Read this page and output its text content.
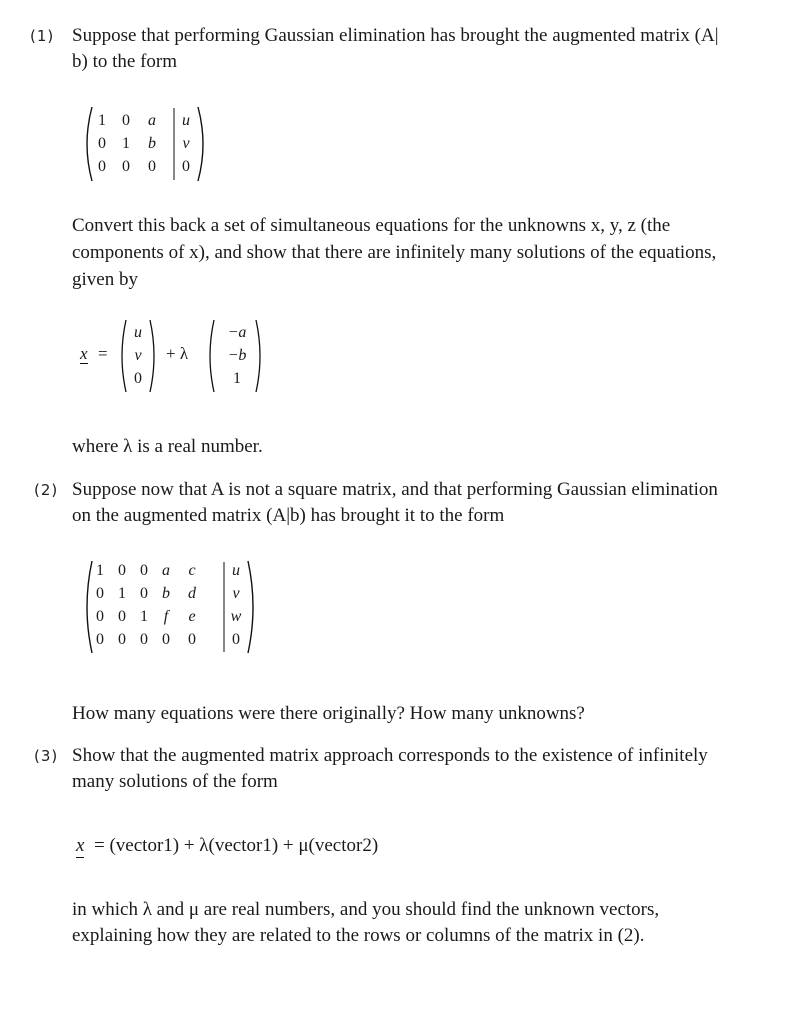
(1) Suppose that performing Gaussian elimination has brought the augmented matrix (A|
b) to the form
1	0	a	u
0	1	b	v
0	0	0	0
Convert this back a set of simultaneous equations for the unknowns x, y, z (the
components of x), and show that there are infinitely many solutions of the equations,
given by
x =
u
v
0
+ λ
−a
−b
1
where λ is a real number.
(2) Suppose now that A is not a square matrix, and that performing Gaussian elimination
on the augmented matrix (A|b) has brought it to the form
1 0 0 a	c	u
0 1 0 b	d	v
0 0 1 f	e	w
0 0 0 0	0	0
How many equations were there originally? How many unknowns?
(3) Show that the augmented matrix approach corresponds to the existence of infinitely
many solutions of the form
x = (vector1) + λ(vector1) + μ(vector2)
in which λ and μ are real numbers, and you should find the unknown vectors,
explaining how they are related to the rows or columns of the matrix in (2).
